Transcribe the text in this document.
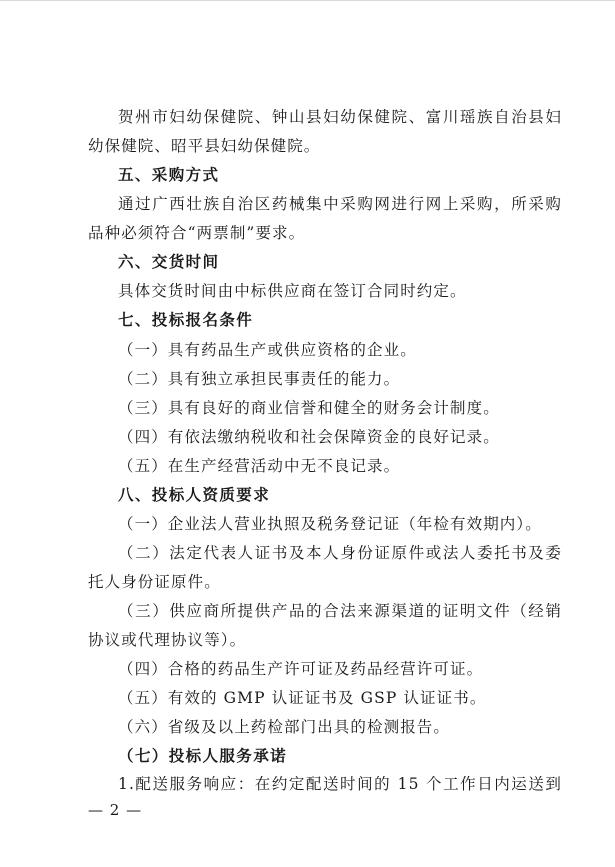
贺州市妇幼保健院、钟山县妇幼保健院、富川瑶族自治县妇
幼保健院、昭平县妇幼保健院。
五、采购方式
通过广西壮族自治区药械集中采购网进行网上采购，所采购
品种必须符合“两票制”要求。
六、交货时间
具体交货时间由中标供应商在签订合同时约定。
七、投标报名条件
（一）具有药品生产或供应资格的企业。
（二）具有独立承担民事责任的能力。
（三）具有良好的商业信誉和健全的财务会计制度。
（四）有依法缴纳税收和社会保障资金的良好记录。
（五）在生产经营活动中无不良记录。
八、投标人资质要求
（一）企业法人营业执照及税务登记证（年检有效期内）。
（二）法定代表人证书及本人身份证原件或法人委托书及委
托人身份证原件。
（三）供应商所提供产品的合法来源渠道的证明文件（经销
协议或代理协议等）。
（四）合格的药品生产许可证及药品经营许可证。
（五）有效的 GMP 认证证书及 GSP 认证证书。
（六）省级及以上药检部门出具的检测报告。
（七）投标人服务承诺
1.配送服务响应：在约定配送时间的 15 个工作日内运送到
— 2 —
